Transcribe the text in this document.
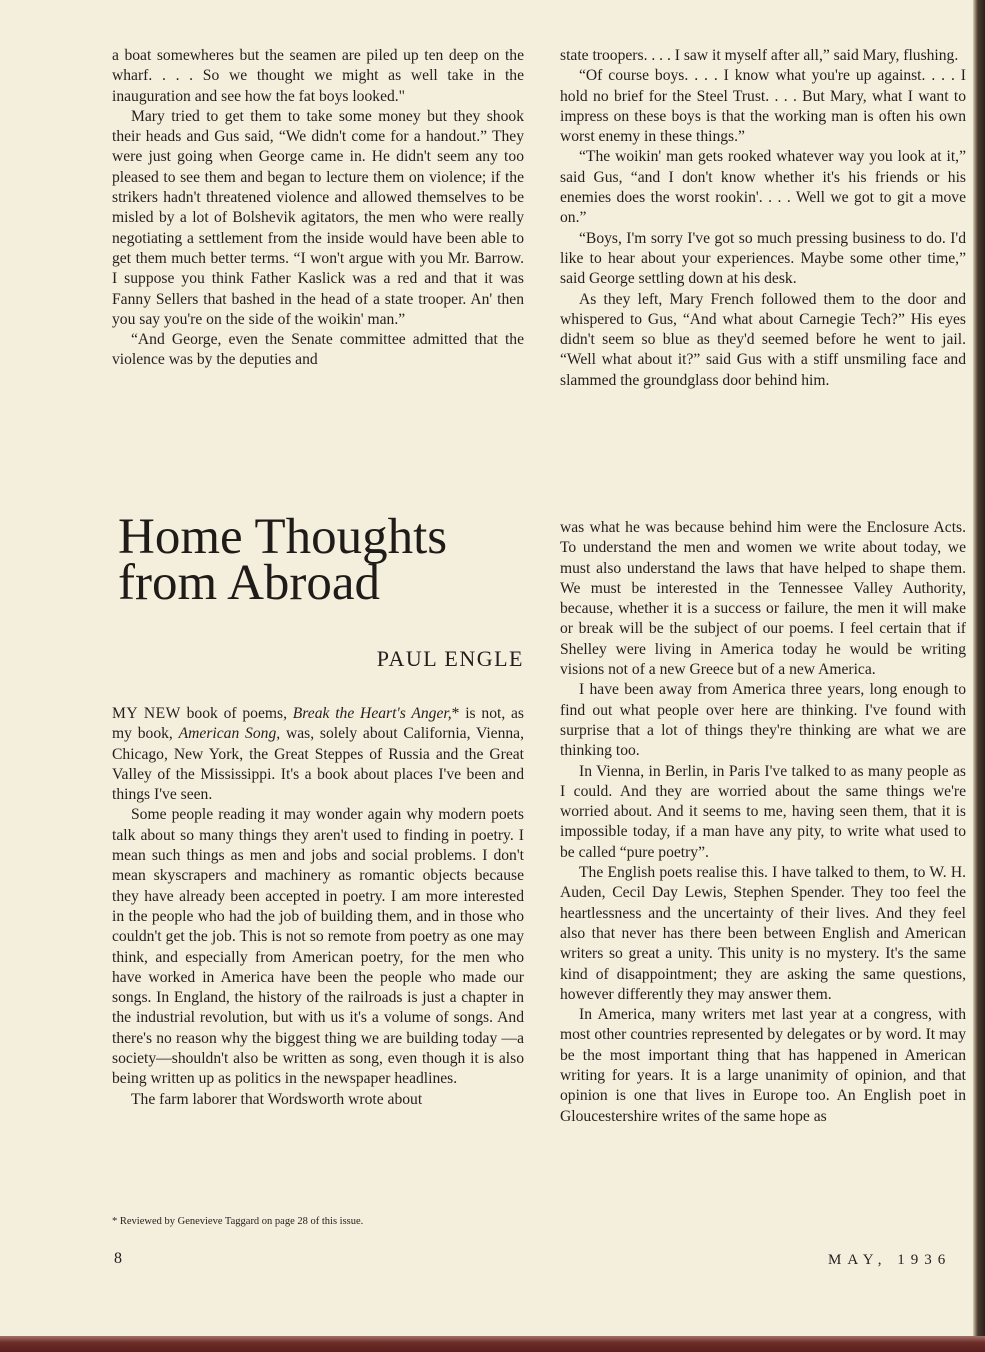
a boat somewheres but the seamen are piled up ten deep on the wharf. . . . So we thought we might as well take in the inauguration and see how the fat boys looked."

Mary tried to get them to take some money but they shook their heads and Gus said, “We didn't come for a handout.” They were just going when George came in. He didn't seem any too pleased to see them and began to lecture them on violence; if the strikers hadn't threatened violence and allowed themselves to be misled by a lot of Bolshevik agitators, the men who were really negotiating a settlement from the inside would have been able to get them much better terms. “I won't argue with you Mr. Barrow. I suppose you think Father Kaslick was a red and that it was Fanny Sellers that bashed in the head of a state trooper. An' then you say you're on the side of the woikin' man.”

“And George, even the Senate committee admitted that the violence was by the deputies and

state troopers. . . . I saw it myself after all,” said Mary, flushing.

“Of course boys. . . . I know what you're up against. . . . I hold no brief for the Steel Trust. . . . But Mary, what I want to impress on these boys is that the working man is often his own worst enemy in these things.”

“The woikin' man gets rooked whatever way you look at it,” said Gus, “and I don't know whether it's his friends or his enemies does the worst rookin'. . . . Well we got to git a move on.”

“Boys, I'm sorry I've got so much pressing business to do. I'd like to hear about your experiences. Maybe some other time,” said George settling down at his desk.

As they left, Mary French followed them to the door and whispered to Gus, “And what about Carnegie Tech?” His eyes didn't seem so blue as they'd seemed before he went to jail. “Well what about it?” said Gus with a stiff unsmiling face and slammed the groundglass door behind him.

Home Thoughts
from Abroad
PAUL ENGLE

MY NEW book of poems, Break the Heart's Anger,* is not, as my book, American Song, was, solely about California, Vienna, Chicago, New York, the Great Steppes of Russia and the Great Valley of the Mississippi. It's a book about places I've been and things I've seen.

Some people reading it may wonder again why modern poets talk about so many things they aren't used to finding in poetry. I mean such things as men and jobs and social problems. I don't mean skyscrapers and machinery as romantic objects because they have already been accepted in poetry. I am more interested in the people who had the job of building them, and in those who couldn't get the job. This is not so remote from poetry as one may think, and especially from American poetry, for the men who have worked in America have been the people who made our songs. In England, the history of the railroads is just a chapter in the industrial revolution, but with us it's a volume of songs. And there's no reason why the biggest thing we are building today —a society—shouldn't also be written as song, even though it is also being written up as politics in the newspaper headlines.

The farm laborer that Wordsworth wrote about

was what he was because behind him were the Enclosure Acts. To understand the men and women we write about today, we must also understand the laws that have helped to shape them. We must be interested in the Tennessee Valley Authority, because, whether it is a success or failure, the men it will make or break will be the subject of our poems. I feel certain that if Shelley were living in America today he would be writing visions not of a new Greece but of a new America.

I have been away from America three years, long enough to find out what people over here are thinking. I've found with surprise that a lot of things they're thinking are what we are thinking too.

In Vienna, in Berlin, in Paris I've talked to as many people as I could. And they are worried about the same things we're worried about. And it seems to me, having seen them, that it is impossible today, if a man have any pity, to write what used to be called “pure poetry”.

The English poets realise this. I have talked to them, to W. H. Auden, Cecil Day Lewis, Stephen Spender. They too feel the heartlessness and the uncertainty of their lives. And they feel also that never has there been between English and American writers so great a unity. This unity is no mystery. It's the same kind of disappointment; they are asking the same questions, however differently they may answer them.

In America, many writers met last year at a congress, with most other countries represented by delegates or by word. It may be the most important thing that has happened in American writing for years. It is a large unanimity of opinion, and that opinion is one that lives in Europe too. An English poet in Gloucestershire writes of the same hope as

* Reviewed by Genevieve Taggard on page 28 of this issue.
8	MAY, 1936
